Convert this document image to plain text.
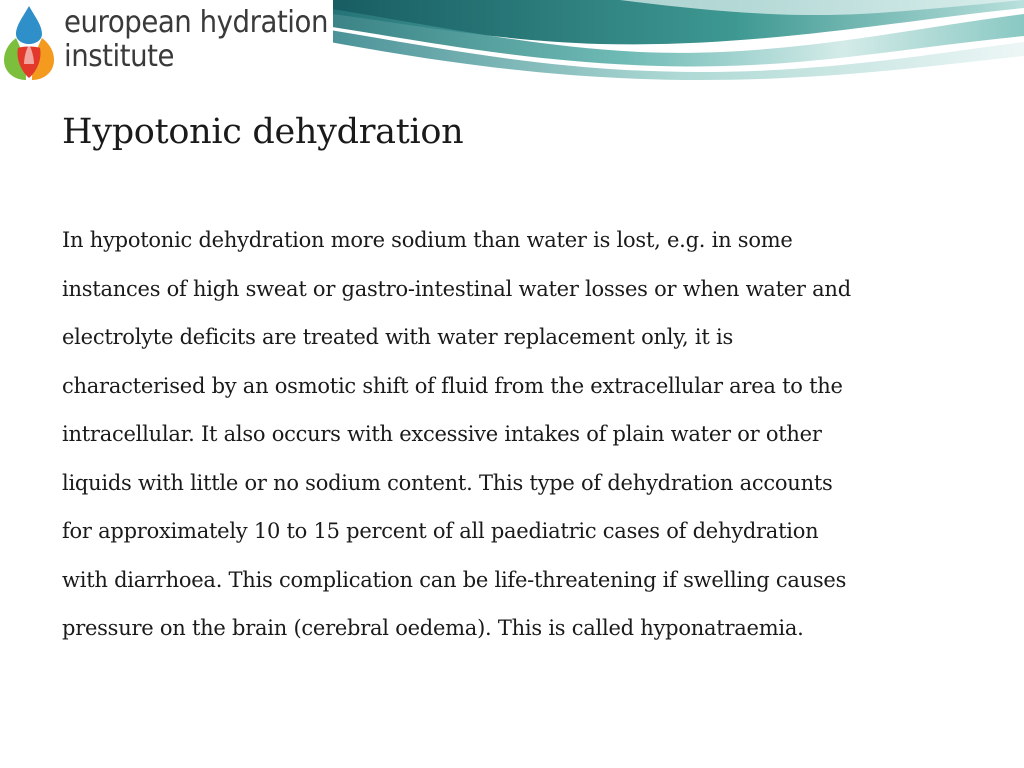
european hydration
institute
Hypotonic dehydration
In hypotonic dehydration more sodium than water is lost, e.g. in some
instances of high sweat or gastro-intestinal water losses or when water and
electrolyte deficits are treated with water replacement only, it is
characterised by an osmotic shift of fluid from the extracellular area to the
intracellular. It also occurs with excessive intakes of plain water or other
liquids with little or no sodium content. This type of dehydration accounts
for approximately 10 to 15 percent of all paediatric cases of dehydration
with diarrhoea. This complication can be life-threatening if swelling causes
pressure on the brain (cerebral oedema). This is called hyponatraemia.
